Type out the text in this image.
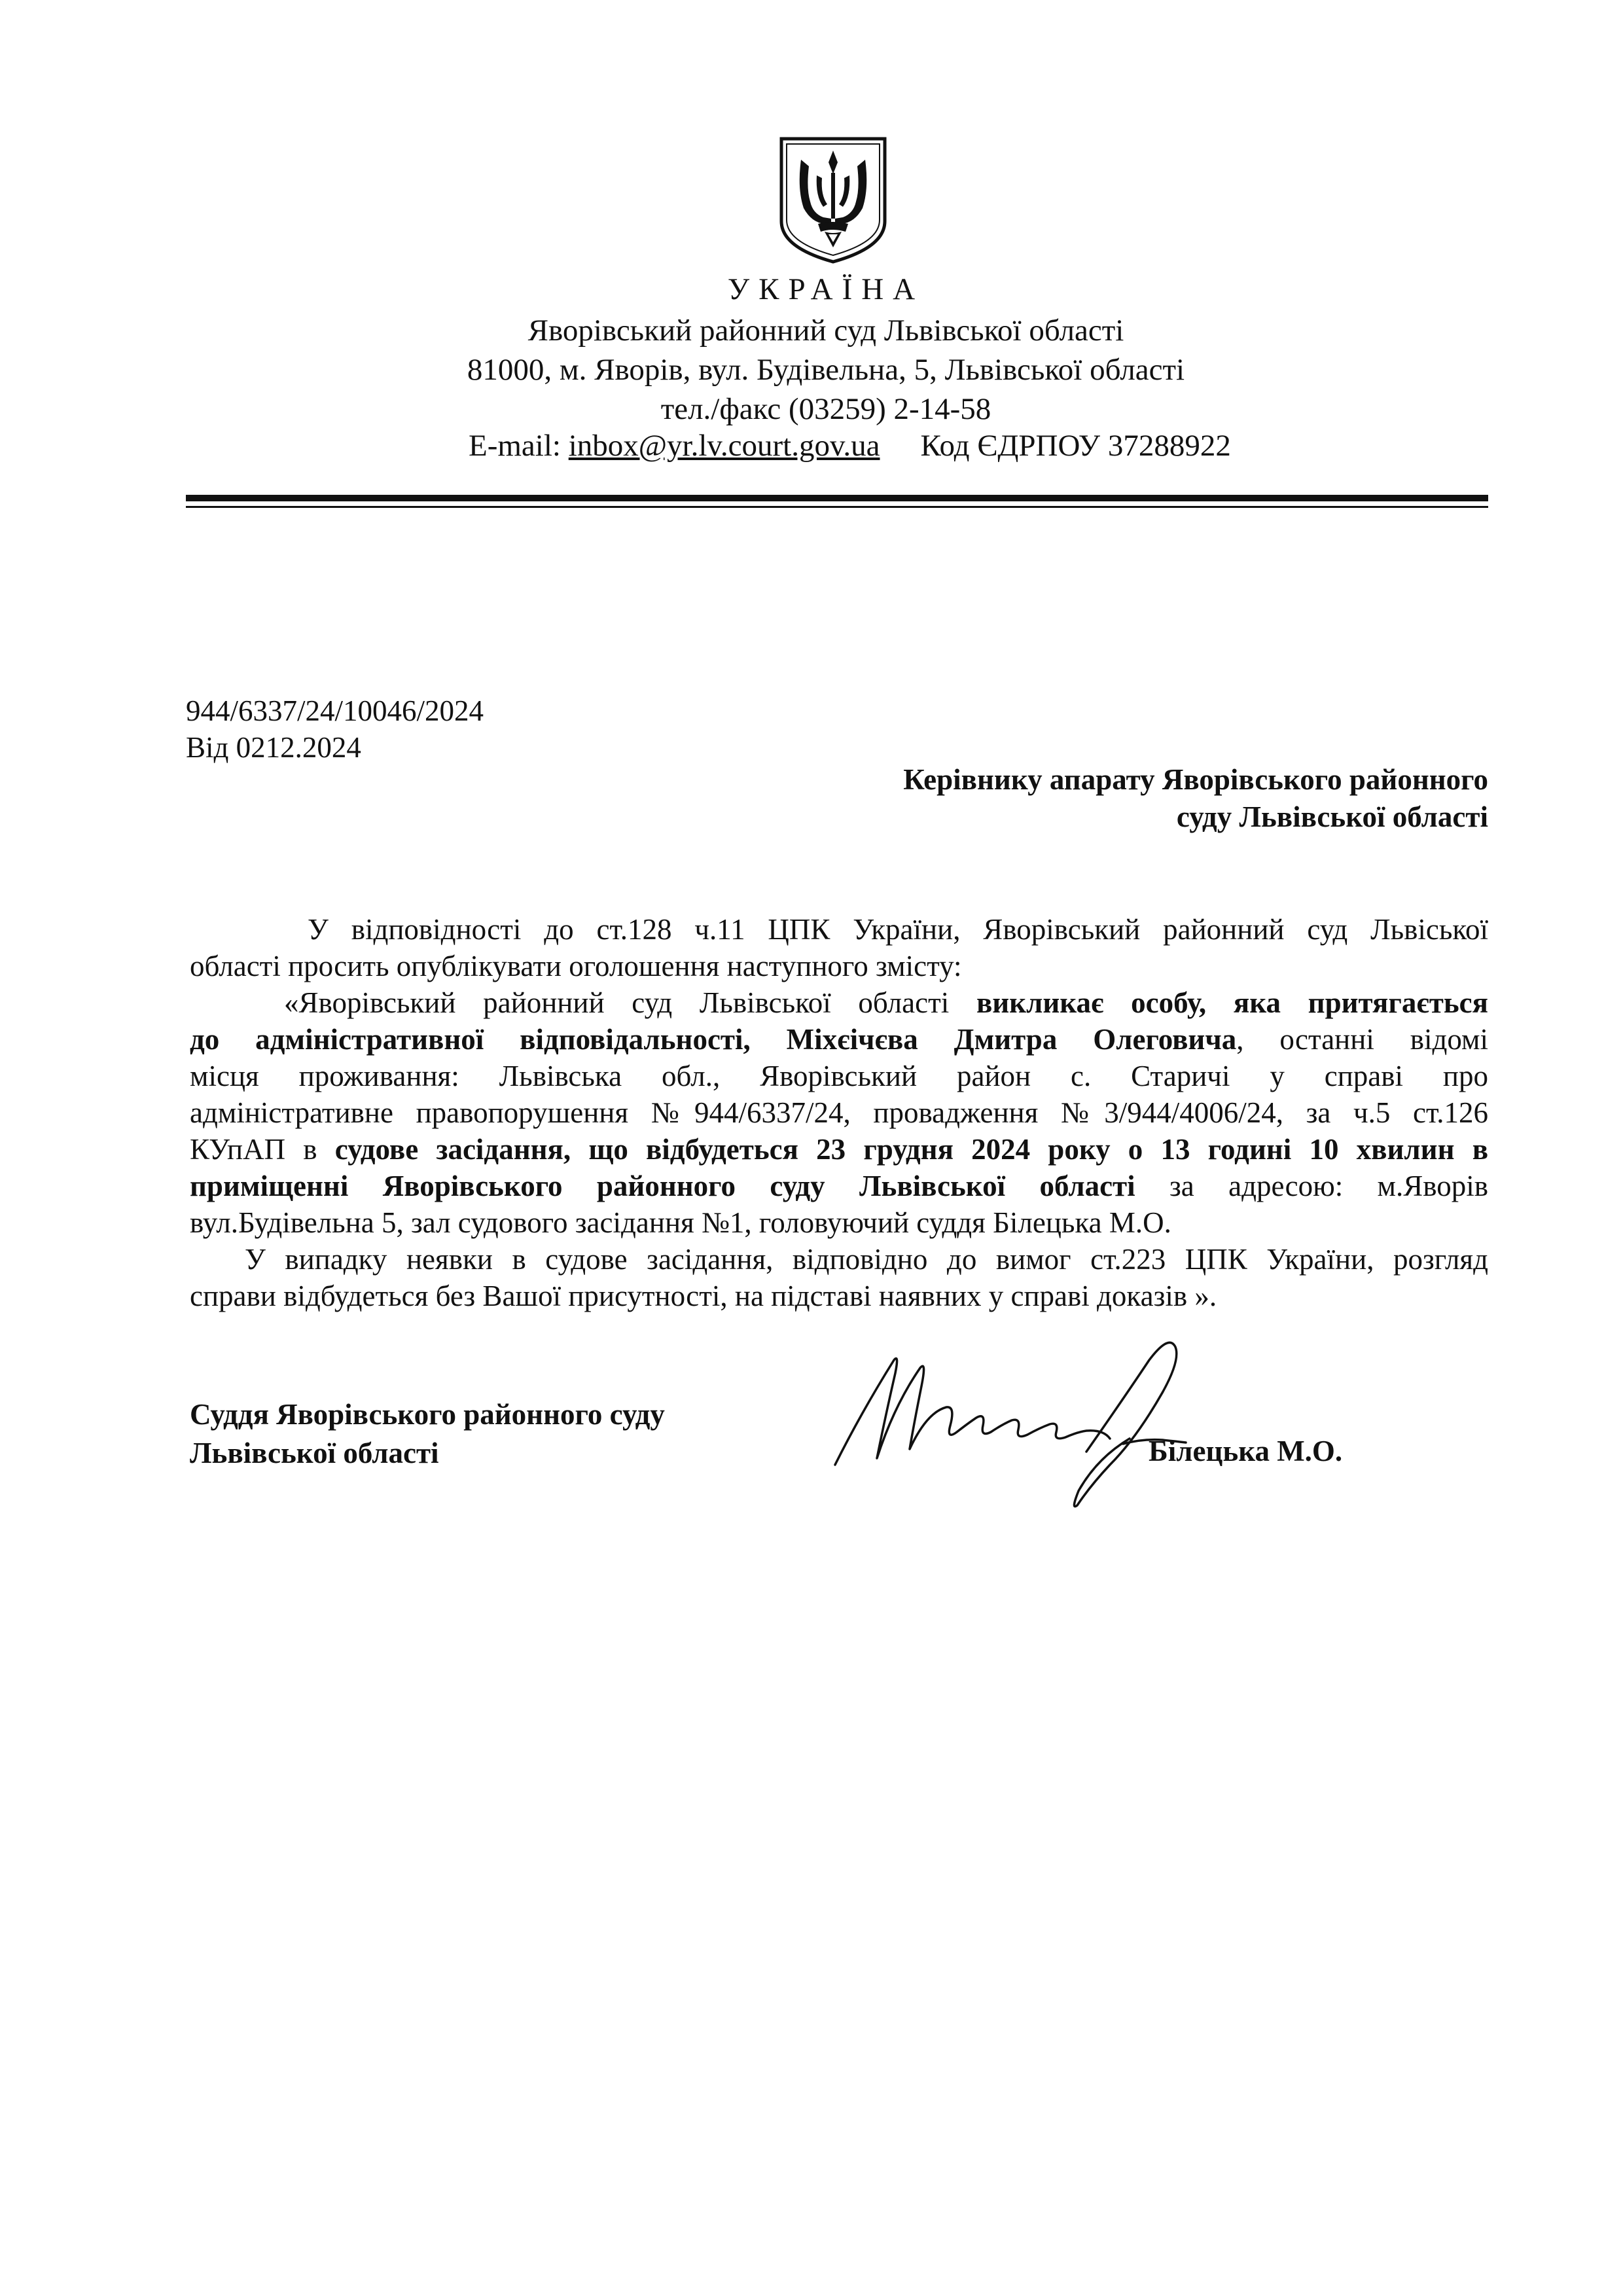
УКРАЇНА
Яворівський районний суд Львівської області
81000, м. Яворів, вул. Будівельна, 5, Львівської області
тел./факс (03259) 2-14-58
E-mail: inbox@yr.lv.court.gov.ua Код ЄДРПОУ 37288922
944/6337/24/10046/2024
Від 0212.2024
Керівнику апарату Яворівського районного
суду Львівської області
У відповідності до ст.128 ч.11 ЦПК України, Яворівський районний суд Львіської
області просить опублікувати оголошення наступного змісту:
«Яворівський районний суд Львівської області викликає особу, яка притягається
до адміністративної відповідальності, Міхєічєва Дмитра Олеговича, останні відомі
місця проживання: Львівська обл., Яворівський район с. Старичі у справі про
адміністративне правопорушення №944/6337/24, провадження №3/944/4006/24, за ч.5 ст.126
КУпАП в судове засідання, що відбудеться 23 грудня 2024 року о 13 годині 10 хвилин в
приміщенні Яворівського районного суду Львівської області за адресою: м.Яворів
вул.Будівельна 5, зал судового засідання №1, головуючий суддя Білецька М.О.
У випадку неявки в судове засідання, відповідно до вимог ст.223 ЦПК України, розгляд
справи відбудеться без Вашої присутності, на підставі наявних у справі доказів ».
Суддя Яворівського районного суду
Львівської області	Білецька М.О.
